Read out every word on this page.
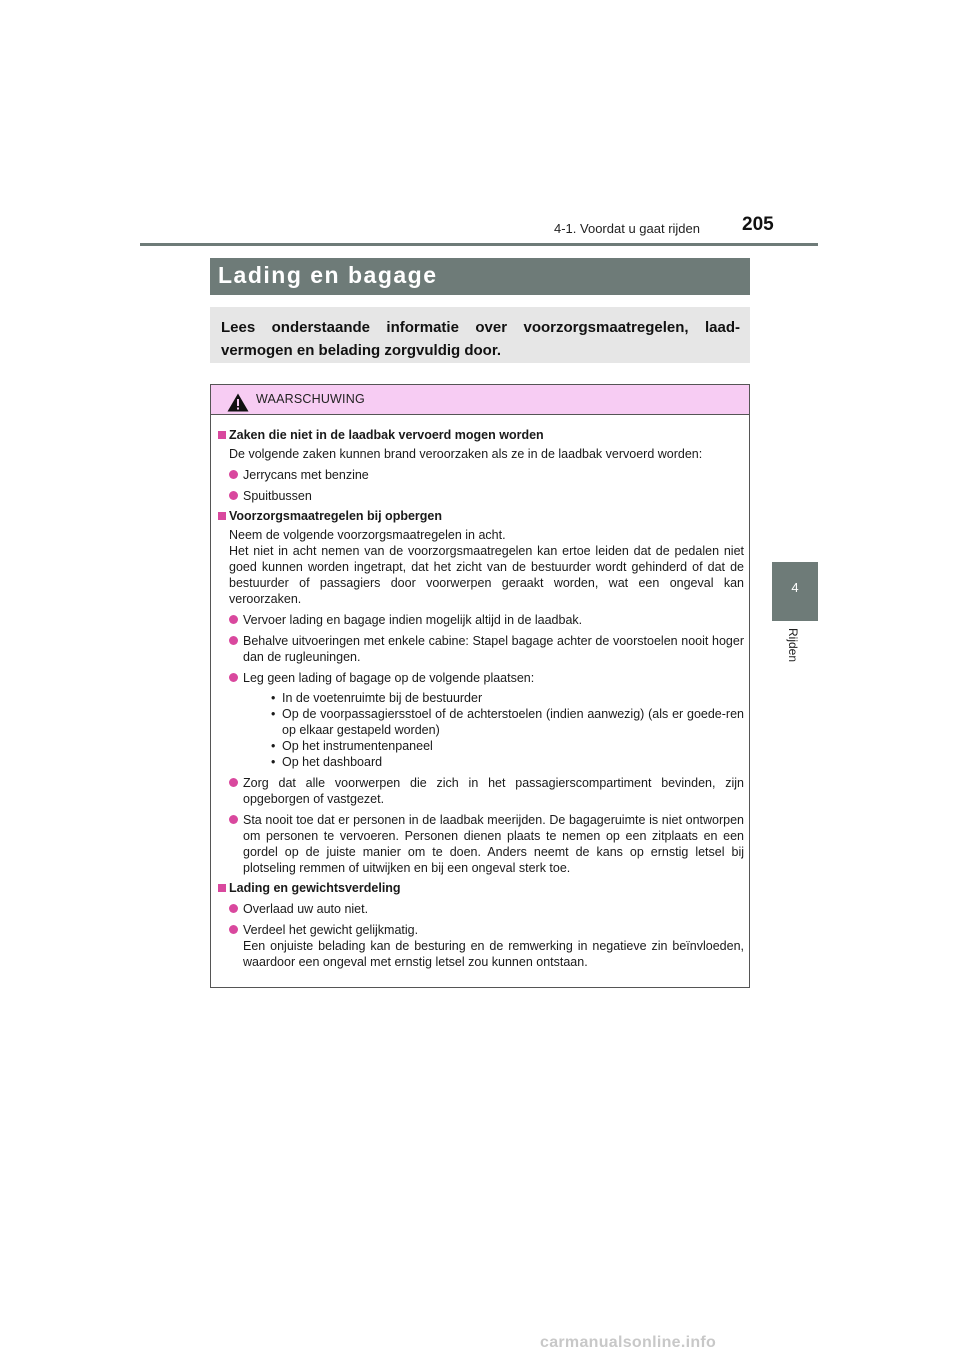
4-1. Voordat u gaat rijden 205
4
Rijden
Lading en bagage

Lees onderstaande informatie over voorzorgsmaatregelen, laad-vermogen en belading zorgvuldig door.

WAARSCHUWING
Zaken die niet in de laadbak vervoerd mogen worden
De volgende zaken kunnen brand veroorzaken als ze in de laadbak vervoerd worden:
Jerrycans met benzine
Spuitbussen
Voorzorgsmaatregelen bij opbergen
Neem de volgende voorzorgsmaatregelen in acht.
Het niet in acht nemen van de voorzorgsmaatregelen kan ertoe leiden dat de pedalen niet goed kunnen worden ingetrapt, dat het zicht van de bestuurder wordt gehinderd of dat de bestuurder of passagiers door voorwerpen geraakt worden, wat een ongeval kan veroorzaken.
Vervoer lading en bagage indien mogelijk altijd in de laadbak.
Behalve uitvoeringen met enkele cabine: Stapel bagage achter de voorstoelen nooit hoger dan de rugleuningen.
Leg geen lading of bagage op de volgende plaatsen:
• In de voetenruimte bij de bestuurder
• Op de voorpassagiersstoel of de achterstoelen (indien aanwezig) (als er goede-ren op elkaar gestapeld worden)
• Op het instrumentenpaneel
• Op het dashboard
Zorg dat alle voorwerpen die zich in het passagierscompartiment bevinden, zijn opgeborgen of vastgezet.
Sta nooit toe dat er personen in de laadbak meerijden. De bagageruimte is niet ontworpen om personen te vervoeren. Personen dienen plaats te nemen op een zitplaats en een gordel op de juiste manier om te doen. Anders neemt de kans op ernstig letsel bij plotseling remmen of uitwijken en bij een ongeval sterk toe.
Lading en gewichtsverdeling
Overlaad uw auto niet.
Verdeel het gewicht gelijkmatig.
Een onjuiste belading kan de besturing en de remwerking in negatieve zin beïnvloeden, waardoor een ongeval met ernstig letsel zou kunnen ontstaan.
carmanualsonline.info
